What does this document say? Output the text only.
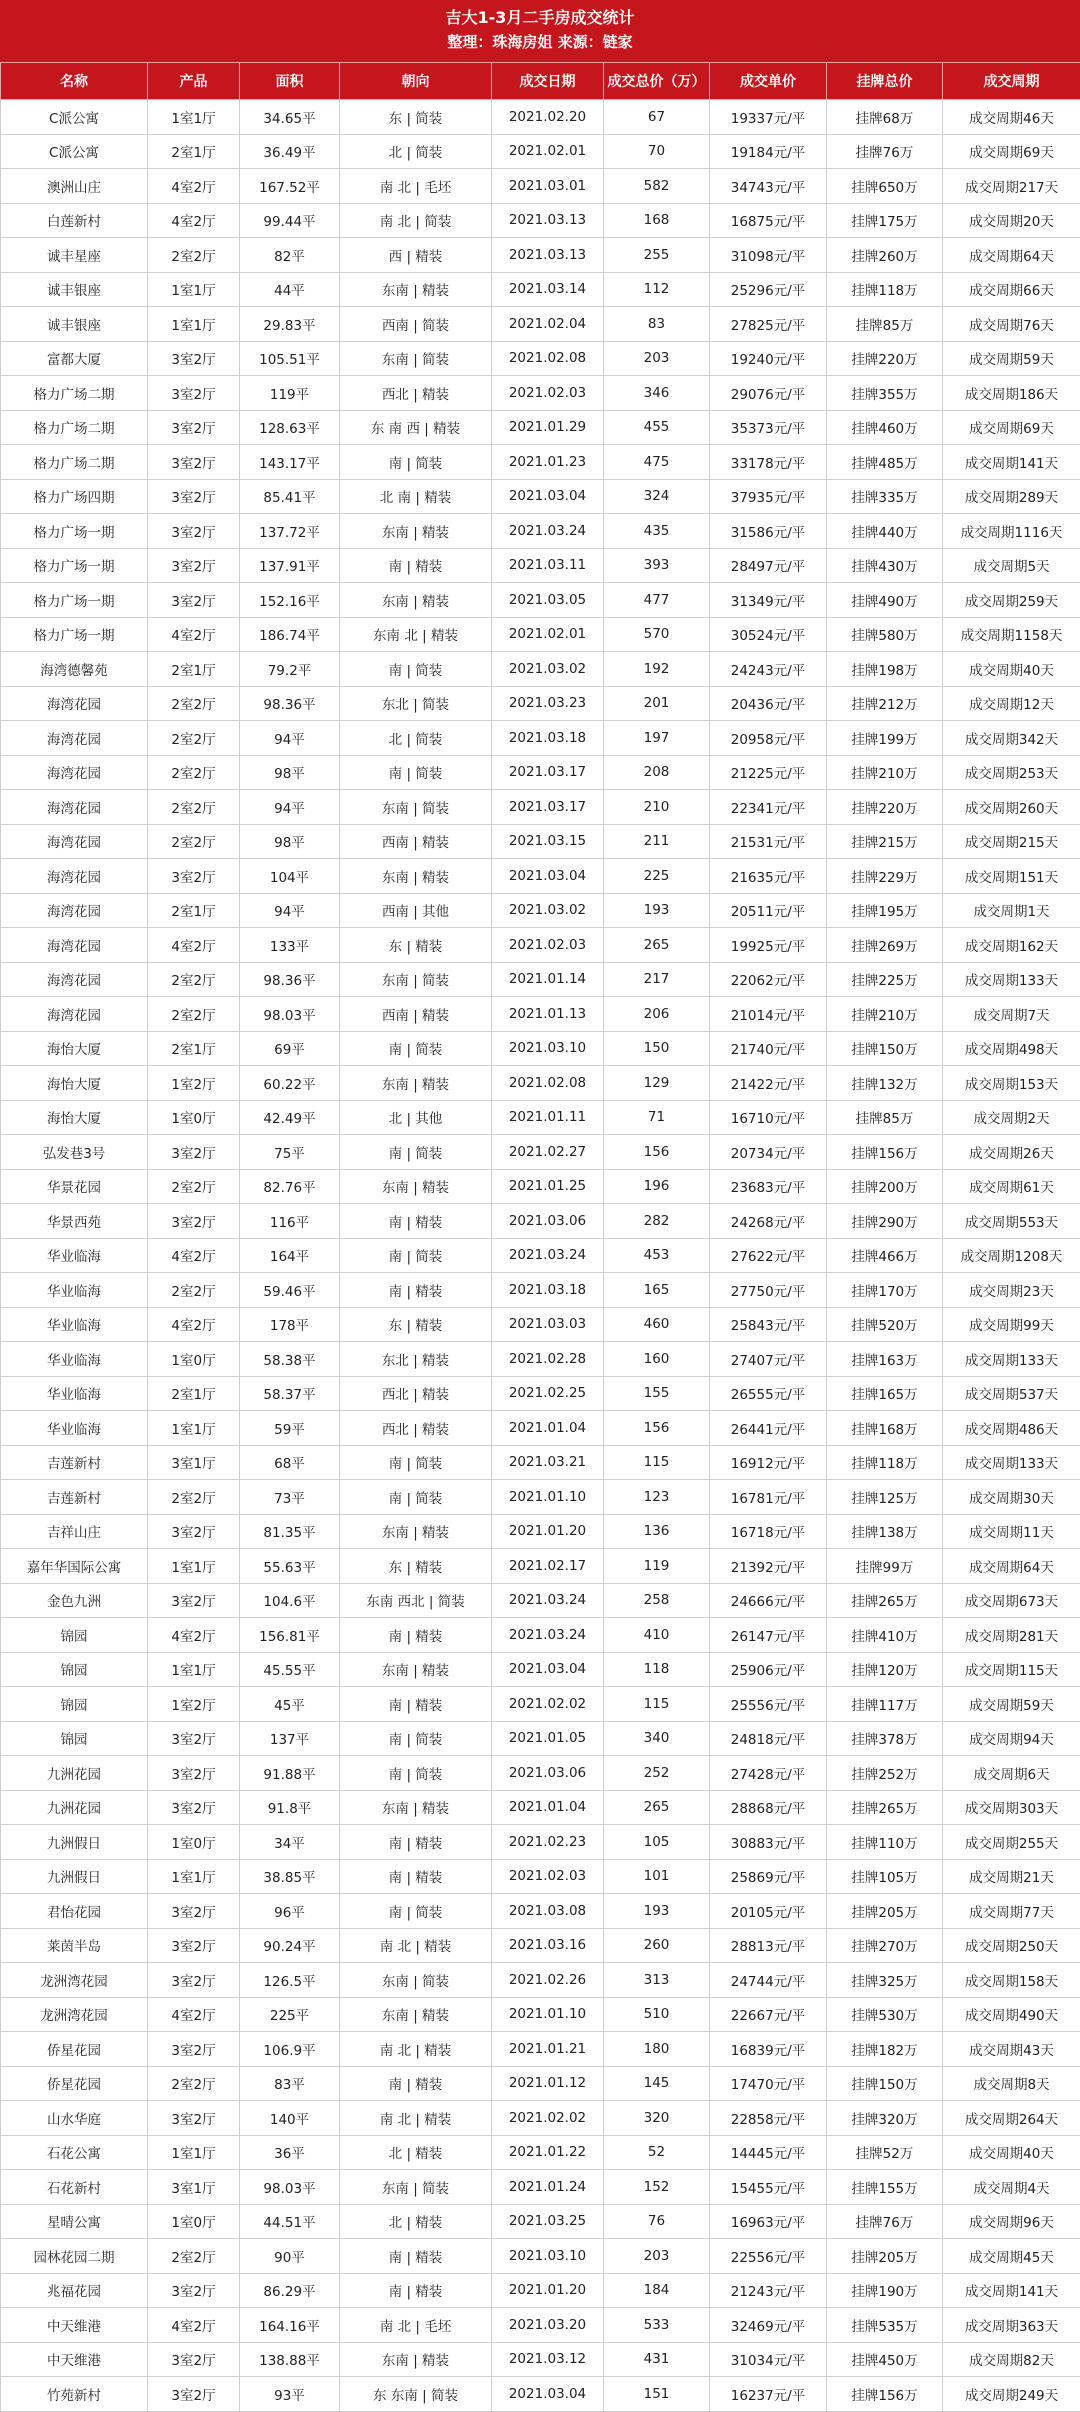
吉大1-3月二手房成交统计
整理：珠海房姐 来源：链家
名称	产品	面积	朝向	成交日期	成交总价（万）	成交单价	挂牌总价	成交周期
C派公寓	1室1厅	34.65平	东 | 简装	2021.02.20	67	19337元/平	挂牌68万	成交周期46天
C派公寓	2室1厅	36.49平	北 | 简装	2021.02.01	70	19184元/平	挂牌76万	成交周期69天
澳洲山庄	4室2厅	167.52平	南 北 | 毛坯	2021.03.01	582	34743元/平	挂牌650万	成交周期217天
白莲新村	4室2厅	99.44平	南 北 | 简装	2021.03.13	168	16875元/平	挂牌175万	成交周期20天
诚丰星座	2室2厅	82平	西 | 精装	2021.03.13	255	31098元/平	挂牌260万	成交周期64天
诚丰银座	1室1厅	44平	东南 | 精装	2021.03.14	112	25296元/平	挂牌118万	成交周期66天
诚丰银座	1室1厅	29.83平	西南 | 简装	2021.02.04	83	27825元/平	挂牌85万	成交周期76天
富都大厦	3室2厅	105.51平	东南 | 简装	2021.02.08	203	19240元/平	挂牌220万	成交周期59天
格力广场二期	3室2厅	119平	西北 | 精装	2021.02.03	346	29076元/平	挂牌355万	成交周期186天
格力广场二期	3室2厅	128.63平	东 南 西 | 精装	2021.01.29	455	35373元/平	挂牌460万	成交周期69天
格力广场二期	3室2厅	143.17平	南 | 简装	2021.01.23	475	33178元/平	挂牌485万	成交周期141天
格力广场四期	3室2厅	85.41平	北 南 | 精装	2021.03.04	324	37935元/平	挂牌335万	成交周期289天
格力广场一期	3室2厅	137.72平	东南 | 精装	2021.03.24	435	31586元/平	挂牌440万	成交周期1116天
格力广场一期	3室2厅	137.91平	南 | 精装	2021.03.11	393	28497元/平	挂牌430万	成交周期5天
格力广场一期	3室2厅	152.16平	东南 | 精装	2021.03.05	477	31349元/平	挂牌490万	成交周期259天
格力广场一期	4室2厅	186.74平	东南 北 | 精装	2021.02.01	570	30524元/平	挂牌580万	成交周期1158天
海湾德馨苑	2室1厅	79.2平	南 | 简装	2021.03.02	192	24243元/平	挂牌198万	成交周期40天
海湾花园	2室2厅	98.36平	东北 | 简装	2021.03.23	201	20436元/平	挂牌212万	成交周期12天
海湾花园	2室2厅	94平	北 | 简装	2021.03.18	197	20958元/平	挂牌199万	成交周期342天
海湾花园	2室2厅	98平	南 | 简装	2021.03.17	208	21225元/平	挂牌210万	成交周期253天
海湾花园	2室2厅	94平	东南 | 简装	2021.03.17	210	22341元/平	挂牌220万	成交周期260天
海湾花园	2室2厅	98平	西南 | 精装	2021.03.15	211	21531元/平	挂牌215万	成交周期215天
海湾花园	3室2厅	104平	东南 | 精装	2021.03.04	225	21635元/平	挂牌229万	成交周期151天
海湾花园	2室1厅	94平	西南 | 其他	2021.03.02	193	20511元/平	挂牌195万	成交周期1天
海湾花园	4室2厅	133平	东 | 精装	2021.02.03	265	19925元/平	挂牌269万	成交周期162天
海湾花园	2室2厅	98.36平	东南 | 简装	2021.01.14	217	22062元/平	挂牌225万	成交周期133天
海湾花园	2室2厅	98.03平	西南 | 精装	2021.01.13	206	21014元/平	挂牌210万	成交周期7天
海怡大厦	2室1厅	69平	南 | 简装	2021.03.10	150	21740元/平	挂牌150万	成交周期498天
海怡大厦	1室2厅	60.22平	东南 | 精装	2021.02.08	129	21422元/平	挂牌132万	成交周期153天
海怡大厦	1室0厅	42.49平	北 | 其他	2021.01.11	71	16710元/平	挂牌85万	成交周期2天
弘发巷3号	3室2厅	75平	南 | 简装	2021.02.27	156	20734元/平	挂牌156万	成交周期26天
华景花园	2室2厅	82.76平	东南 | 精装	2021.01.25	196	23683元/平	挂牌200万	成交周期61天
华景西苑	3室2厅	116平	南 | 精装	2021.03.06	282	24268元/平	挂牌290万	成交周期553天
华业临海	4室2厅	164平	南 | 简装	2021.03.24	453	27622元/平	挂牌466万	成交周期1208天
华业临海	2室2厅	59.46平	南 | 精装	2021.03.18	165	27750元/平	挂牌170万	成交周期23天
华业临海	4室2厅	178平	东 | 精装	2021.03.03	460	25843元/平	挂牌520万	成交周期99天
华业临海	1室0厅	58.38平	东北 | 精装	2021.02.28	160	27407元/平	挂牌163万	成交周期133天
华业临海	2室1厅	58.37平	西北 | 精装	2021.02.25	155	26555元/平	挂牌165万	成交周期537天
华业临海	1室1厅	59平	西北 | 精装	2021.01.04	156	26441元/平	挂牌168万	成交周期486天
吉莲新村	3室1厅	68平	南 | 简装	2021.03.21	115	16912元/平	挂牌118万	成交周期133天
吉莲新村	2室2厅	73平	南 | 简装	2021.01.10	123	16781元/平	挂牌125万	成交周期30天
吉祥山庄	3室2厅	81.35平	东南 | 精装	2021.01.20	136	16718元/平	挂牌138万	成交周期11天
嘉年华国际公寓	1室1厅	55.63平	东 | 精装	2021.02.17	119	21392元/平	挂牌99万	成交周期64天
金色九洲	3室2厅	104.6平	东南 西北 | 简装	2021.03.24	258	24666元/平	挂牌265万	成交周期673天
锦园	4室2厅	156.81平	南 | 精装	2021.03.24	410	26147元/平	挂牌410万	成交周期281天
锦园	1室1厅	45.55平	东南 | 精装	2021.03.04	118	25906元/平	挂牌120万	成交周期115天
锦园	1室2厅	45平	南 | 精装	2021.02.02	115	25556元/平	挂牌117万	成交周期59天
锦园	3室2厅	137平	南 | 简装	2021.01.05	340	24818元/平	挂牌378万	成交周期94天
九洲花园	3室2厅	91.88平	南 | 简装	2021.03.06	252	27428元/平	挂牌252万	成交周期6天
九洲花园	3室2厅	91.8平	东南 | 精装	2021.01.04	265	28868元/平	挂牌265万	成交周期303天
九洲假日	1室0厅	34平	南 | 精装	2021.02.23	105	30883元/平	挂牌110万	成交周期255天
九洲假日	1室1厅	38.85平	南 | 精装	2021.02.03	101	25869元/平	挂牌105万	成交周期21天
君怡花园	3室2厅	96平	南 | 简装	2021.03.08	193	20105元/平	挂牌205万	成交周期77天
莱茵半岛	3室2厅	90.24平	南 北 | 精装	2021.03.16	260	28813元/平	挂牌270万	成交周期250天
龙洲湾花园	3室2厅	126.5平	东南 | 简装	2021.02.26	313	24744元/平	挂牌325万	成交周期158天
龙洲湾花园	4室2厅	225平	东南 | 精装	2021.01.10	510	22667元/平	挂牌530万	成交周期490天
侨星花园	3室2厅	106.9平	南 北 | 精装	2021.01.21	180	16839元/平	挂牌182万	成交周期43天
侨星花园	2室2厅	83平	南 | 精装	2021.01.12	145	17470元/平	挂牌150万	成交周期8天
山水华庭	3室2厅	140平	南 北 | 精装	2021.02.02	320	22858元/平	挂牌320万	成交周期264天
石花公寓	1室1厅	36平	北 | 精装	2021.01.22	52	14445元/平	挂牌52万	成交周期40天
石花新村	3室1厅	98.03平	东南 | 简装	2021.01.24	152	15455元/平	挂牌155万	成交周期4天
星晴公寓	1室0厅	44.51平	北 | 精装	2021.03.25	76	16963元/平	挂牌76万	成交周期96天
园林花园二期	2室2厅	90平	南 | 精装	2021.03.10	203	22556元/平	挂牌205万	成交周期45天
兆福花园	3室2厅	86.29平	南 | 精装	2021.01.20	184	21243元/平	挂牌190万	成交周期141天
中天维港	4室2厅	164.16平	南 北 | 毛坯	2021.03.20	533	32469元/平	挂牌535万	成交周期363天
中天维港	3室2厅	138.88平	东南 | 精装	2021.03.12	431	31034元/平	挂牌450万	成交周期82天
竹苑新村	3室2厅	93平	东 东南 | 简装	2021.03.04	151	16237元/平	挂牌156万	成交周期249天
